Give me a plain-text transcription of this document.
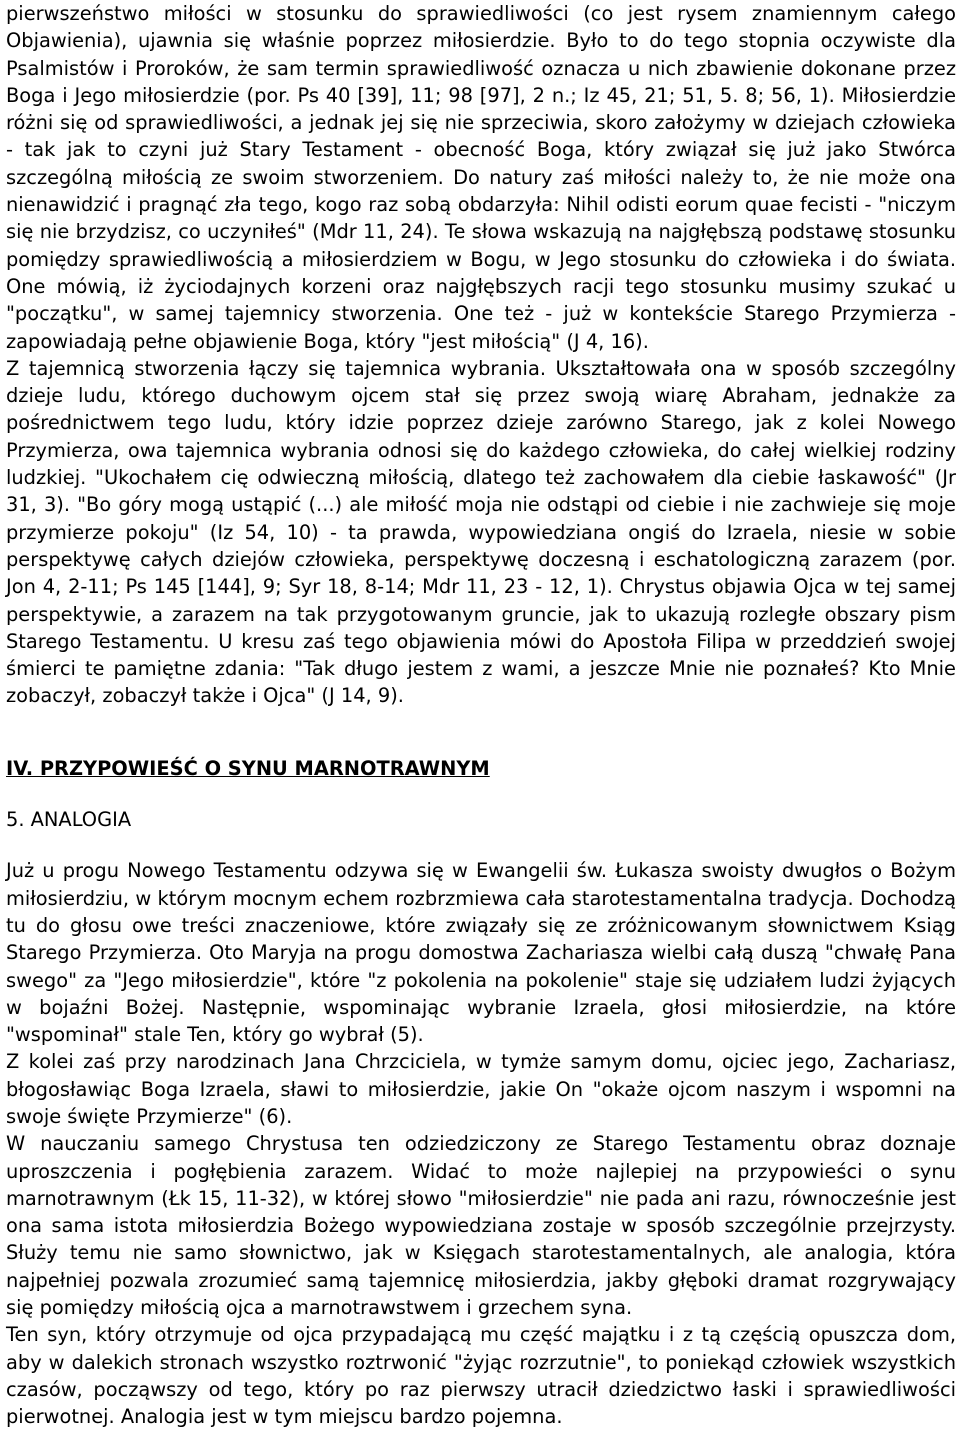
pierwszeństwo miłości w stosunku do sprawiedliwości (co jest rysem znamiennym całego Objawienia), ujawnia się właśnie poprzez miłosierdzie. Było to do tego stopnia oczywiste dla Psalmistów i Proroków, że sam termin sprawiedliwość oznacza u nich zbawienie dokonane przez Boga i Jego miłosierdzie (por. Ps 40 [39], 11; 98 [97], 2 n.; Iz 45, 21; 51, 5. 8; 56, 1). Miłosierdzie różni się od sprawiedliwości, a jednak jej się nie sprzeciwia, skoro założymy w dziejach człowieka - tak jak to czyni już Stary Testament - obecność Boga, który związał się już jako Stwórca szczególną miłością ze swoim stworzeniem. Do natury zaś miłości należy to, że nie może ona nienawidzić i pragnąć zła tego, kogo raz sobą obdarzyła: Nihil odisti eorum quae fecisti - "niczym się nie brzydzisz, co uczyniłeś" (Mdr 11, 24). Te słowa wskazują na najgłębszą podstawę stosunku pomiędzy sprawiedliwością a miłosierdziem w Bogu, w Jego stosunku do człowieka i do świata. One mówią, iż życiodajnych korzeni oraz najgłębszych racji tego stosunku musimy szukać u "początku", w samej tajemnicy stworzenia. One też - już w kontekście Starego Przymierza - zapowiadają pełne objawienie Boga, który "jest miłością" (J 4, 16).

Z tajemnicą stworzenia łączy się tajemnica wybrania. Ukształtowała ona w sposób szczególny dzieje ludu, którego duchowym ojcem stał się przez swoją wiarę Abraham, jednakże za pośrednictwem tego ludu, który idzie poprzez dzieje zarówno Starego, jak z kolei Nowego Przymierza, owa tajemnica wybrania odnosi się do każdego człowieka, do całej wielkiej rodziny ludzkiej. "Ukochałem cię odwieczną miłością, dlatego też zachowałem dla ciebie łaskawość" (Jr 31, 3). "Bo góry mogą ustąpić (...) ale miłość moja nie odstąpi od ciebie i nie zachwieje się moje przymierze pokoju" (Iz 54, 10) - ta prawda, wypowiedziana ongiś do Izraela, niesie w sobie perspektywę całych dziejów człowieka, perspektywę doczesną i eschatologiczną zarazem (por. Jon 4, 2-11; Ps 145 [144], 9; Syr 18, 8-14; Mdr 11, 23 - 12, 1). Chrystus objawia Ojca w tej samej perspektywie, a zarazem na tak przygotowanym gruncie, jak to ukazują rozległe obszary pism Starego Testamentu. U kresu zaś tego objawienia mówi do Apostoła Filipa w przeddzień swojej śmierci te pamiętne zdania: "Tak długo jestem z wami, a jeszcze Mnie nie poznałeś? Kto Mnie zobaczył, zobaczył także i Ojca" (J 14, 9).

IV. PRZYPOWIEŚĆ O SYNU MARNOTRAWNYM

5. ANALOGIA

Już u progu Nowego Testamentu odzywa się w Ewangelii św. Łukasza swoisty dwugłos o Bożym miłosierdziu, w którym mocnym echem rozbrzmiewa cała starotestamentalna tradycja. Dochodzą tu do głosu owe treści znaczeniowe, które związały się ze zróżnicowanym słownictwem Ksiąg Starego Przymierza. Oto Maryja na progu domostwa Zachariasza wielbi całą duszą "chwałę Pana swego" za "Jego miłosierdzie", które "z pokolenia na pokolenie" staje się udziałem ludzi żyjących w bojaźni Bożej. Następnie, wspominając wybranie Izraela, głosi miłosierdzie, na które "wspominał" stale Ten, który go wybrał (5).

Z kolei zaś przy narodzinach Jana Chrzciciela, w tymże samym domu, ojciec jego, Zachariasz, błogosławiąc Boga Izraela, sławi to miłosierdzie, jakie On "okaże ojcom naszym i wspomni na swoje święte Przymierze" (6).

W nauczaniu samego Chrystusa ten odziedziczony ze Starego Testamentu obraz doznaje uproszczenia i pogłębienia zarazem. Widać to może najlepiej na przypowieści o synu marnotrawnym (Łk 15, 11-32), w której słowo "miłosierdzie" nie pada ani razu, równocześnie jest ona sama istota miłosierdzia Bożego wypowiedziana zostaje w sposób szczególnie przejrzysty. Służy temu nie samo słownictwo, jak w Księgach starotestamentalnych, ale analogia, która najpełniej pozwala zrozumieć samą tajemnicę miłosierdzia, jakby głęboki dramat rozgrywający się pomiędzy miłością ojca a marnotrawstwem i grzechem syna.

Ten syn, który otrzymuje od ojca przypadającą mu część majątku i z tą częścią opuszcza dom, aby w dalekich stronach wszystko roztrwonić "żyjąc rozrzutnie", to poniekąd człowiek wszystkich czasów, począwszy od tego, który po raz pierwszy utracił dziedzictwo łaski i sprawiedliwości pierwotnej. Analogia jest w tym miejscu bardzo pojemna.
